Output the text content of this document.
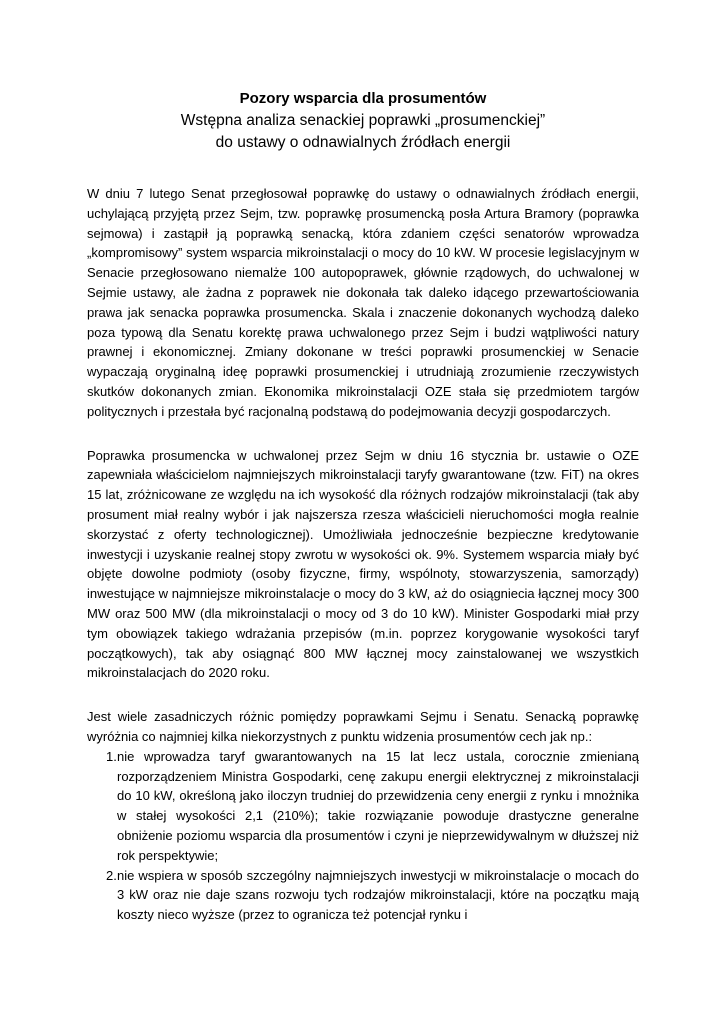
Pozory wsparcia dla prosumentów
Wstępna analiza senackiej poprawki „prosumenckiej”
do ustawy o odnawialnych źródłach energii

W dniu 7 lutego Senat przegłosował poprawkę do ustawy o odnawialnych źródłach energii, uchylającą przyjętą przez Sejm, tzw. poprawkę prosumencką posła Artura Bramory (poprawka sejmowa) i zastąpił ją poprawką senacką, która zdaniem części senatorów wprowadza „kompromisowy” system wsparcia mikroinstalacji o mocy do 10 kW. W procesie legislacyjnym w Senacie przegłosowano niemalże 100 autopoprawek, głównie rządowych, do uchwalonej w Sejmie ustawy, ale żadna z poprawek nie dokonała tak daleko idącego przewartościowania prawa jak senacka poprawka prosumencka. Skala i znaczenie dokonanych wychodzą daleko poza typową dla Senatu korektę prawa uchwalonego przez Sejm i budzi wątpliwości natury prawnej i ekonomicznej. Zmiany dokonane w treści poprawki prosumenckiej w Senacie wypaczają oryginalną ideę poprawki prosumenckiej i utrudniają zrozumienie rzeczywistych skutków dokonanych zmian. Ekonomika mikroinstalacji OZE stała się przedmiotem targów politycznych i przestała być racjonalną podstawą do podejmowania decyzji gospodarczych.

Poprawka prosumencka w uchwalonej przez Sejm w dniu 16 stycznia br. ustawie o OZE zapewniała właścicielom najmniejszych mikroinstalacji taryfy gwarantowane (tzw. FiT) na okres 15 lat, zróżnicowane ze względu na ich wysokość dla różnych rodzajów mikroinstalacji (tak aby prosument miał realny wybór i jak najszersza rzesza właścicieli nieruchomości mogła realnie skorzystać z oferty technologicznej). Umożliwiała jednocześnie bezpieczne kredytowanie inwestycji i uzyskanie realnej stopy zwrotu w wysokości ok. 9%. Systemem wsparcia miały być objęte dowolne podmioty (osoby fizyczne, firmy, wspólnoty, stowarzyszenia, samorządy) inwestujące w najmniejsze mikroinstalacje o mocy do 3 kW, aż do osiągniecia łącznej mocy 300 MW oraz 500 MW (dla mikroinstalacji o mocy od 3 do 10 kW). Minister Gospodarki miał przy tym obowiązek takiego wdrażania przepisów (m.in. poprzez korygowanie wysokości taryf początkowych), tak aby osiągnąć 800 MW łącznej mocy zainstalowanej we wszystkich mikroinstalacjach do 2020 roku.

Jest wiele zasadniczych różnic pomiędzy poprawkami Sejmu i Senatu. Senacką poprawkę wyróżnia co najmniej kilka niekorzystnych z punktu widzenia prosumentów cech jak np.:

1. nie wprowadza taryf gwarantowanych na 15 lat lecz ustala, corocznie zmienianą rozporządzeniem Ministra Gospodarki, cenę zakupu energii elektrycznej z mikroinstalacji do 10 kW, określoną jako iloczyn trudniej do przewidzenia ceny energii z rynku i mnożnika w stałej wysokości 2,1 (210%); takie rozwiązanie powoduje drastyczne generalne obniżenie poziomu wsparcia dla prosumentów i czyni je nieprzewidywalnym w dłuższej niż rok perspektywie;
2. nie wspiera w sposób szczególny najmniejszych inwestycji w mikroinstalacje o mocach do 3 kW oraz nie daje szans rozwoju tych rodzajów mikroinstalacji, które na początku mają koszty nieco wyższe (przez to ogranicza też potencjał rynku i
